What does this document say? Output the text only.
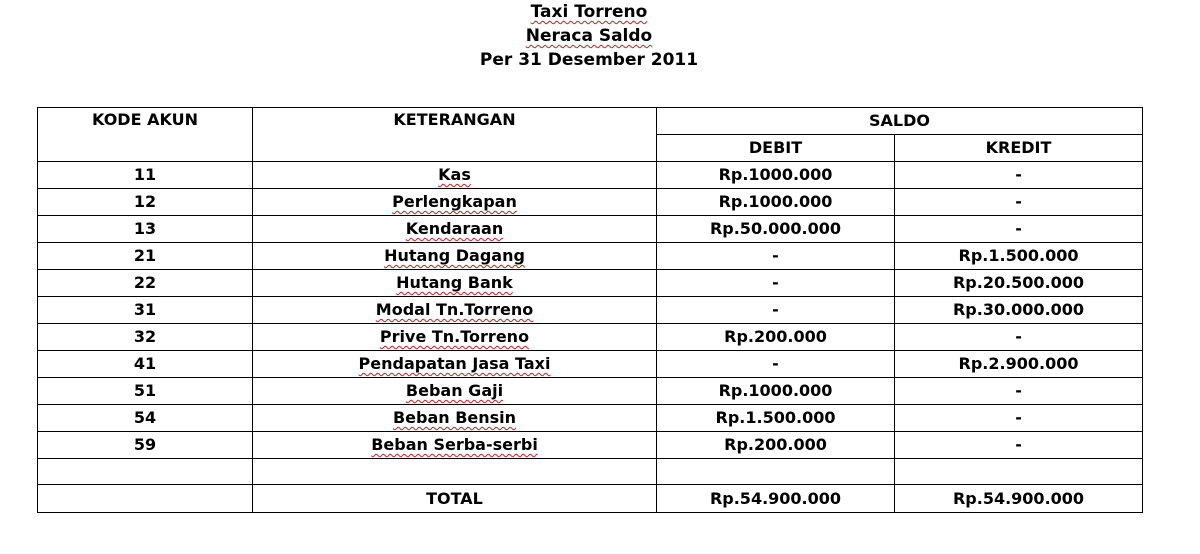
Taxi Torreno
Neraca Saldo
Per 31 Desember 2011
KODE AKUN	KETERANGAN	SALDO	
		DEBIT	KREDIT
11	Kas	Rp.1000.000	-
12	Perlengkapan	Rp.1000.000	-
13	Kendaraan	Rp.50.000.000	-
21	Hutang Dagang	-	Rp.1.500.000
22	Hutang Bank	-	Rp.20.500.000
31	Modal Tn.Torreno	-	Rp.30.000.000
32	Prive Tn.Torreno	Rp.200.000	-
41	Pendapatan Jasa Taxi	-	Rp.2.900.000
51	Beban Gaji	Rp.1000.000	-
54	Beban Bensin	Rp.1.500.000	-
59	Beban Serba-serbi	Rp.200.000	-

	TOTAL	Rp.54.900.000	Rp.54.900.000
